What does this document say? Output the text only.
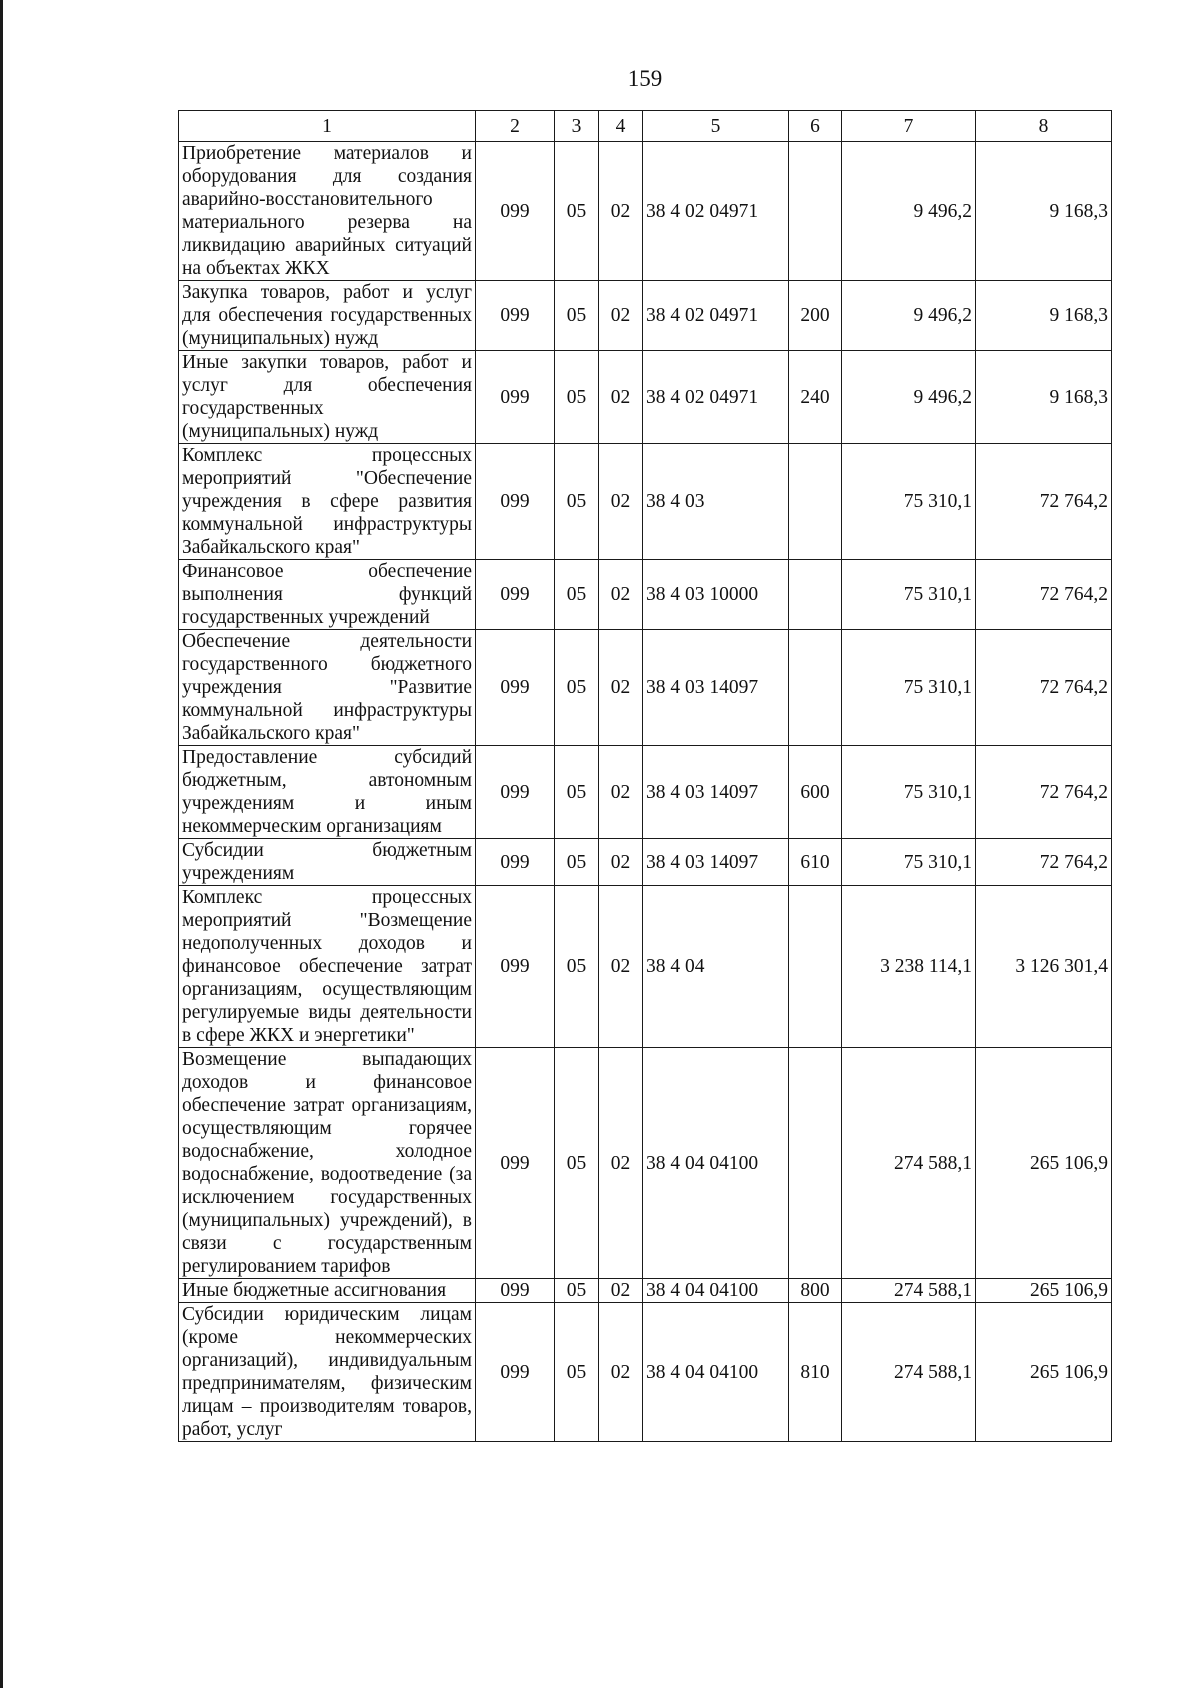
159
1	2	3	4	5	6	7	8
Приобретение материалов и оборудования для создания аварийно-восстановительного материального резерва на ликвидацию аварийных ситуаций на объектах ЖКХ	099	05	02	38 4 02 04971		9 496,2	9 168,3
Закупка товаров, работ и услуг для обеспечения государственных (муниципальных) нужд	099	05	02	38 4 02 04971	200	9 496,2	9 168,3
Иные закупки товаров, работ и услуг для обеспечения государственных (муниципальных) нужд	099	05	02	38 4 02 04971	240	9 496,2	9 168,3
Комплекс процессных мероприятий "Обеспечение учреждения в сфере развития коммунальной инфраструктуры Забайкальского края"	099	05	02	38 4 03		75 310,1	72 764,2
Финансовое обеспечение выполнения функций государственных учреждений	099	05	02	38 4 03 10000		75 310,1	72 764,2
Обеспечение деятельности государственного бюджетного учреждения "Развитие коммунальной инфраструктуры Забайкальского края"	099	05	02	38 4 03 14097		75 310,1	72 764,2
Предоставление субсидий бюджетным, автономным учреждениям и иным некоммерческим организациям	099	05	02	38 4 03 14097	600	75 310,1	72 764,2
Субсидии бюджетным учреждениям	099	05	02	38 4 03 14097	610	75 310,1	72 764,2
Комплекс процессных мероприятий "Возмещение недополученных доходов и финансовое обеспечение затрат организациям, осуществляющим регулируемые виды деятельности в сфере ЖКХ и энергетики"	099	05	02	38 4 04		3 238 114,1	3 126 301,4
Возмещение выпадающих доходов и финансовое обеспечение затрат организациям, осуществляющим горячее водоснабжение, холодное водоснабжение, водоотведение (за исключением государственных (муниципальных) учреждений), в связи с государственным регулированием тарифов	099	05	02	38 4 04 04100		274 588,1	265 106,9
Иные бюджетные ассигнования	099	05	02	38 4 04 04100	800	274 588,1	265 106,9
Субсидии юридическим лицам (кроме некоммерческих организаций), индивидуальным предпринимателям, физическим лицам – производителям товаров, работ, услуг	099	05	02	38 4 04 04100	810	274 588,1	265 106,9
